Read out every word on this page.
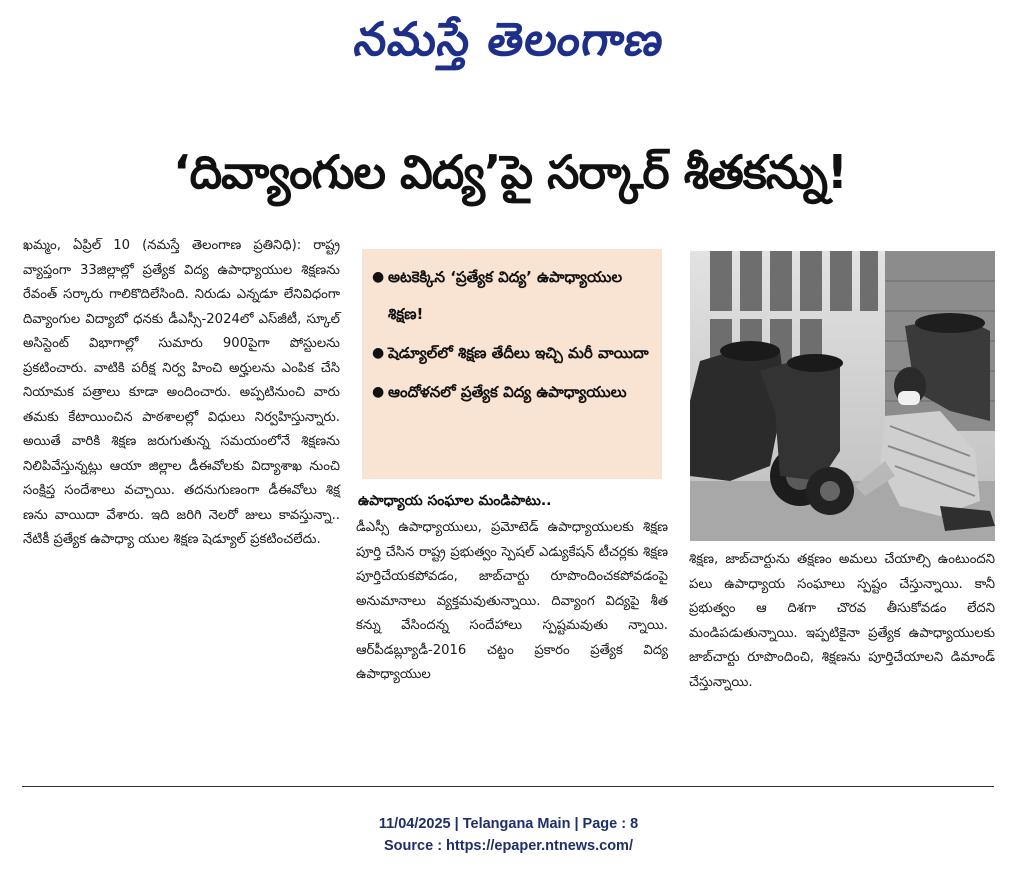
నమస్తే తెలంగాణ
‘దివ్యాంగుల విద్య’పై సర్కార్ శీతకన్ను!

ఖమ్మం, ఏప్రిల్ 10 (నమస్తే తెలంగాణ ప్రతినిధి): రాష్ట్ర వ్యాప్తంగా 33జిల్లాల్లో ప్రత్యేక విద్య ఉపాధ్యాయుల శిక్షణను రేవంత్ సర్కారు గాలికొదిలేసింది. నిరుడు ఎన్నడూ లేనివిధంగా దివ్యాంగుల విద్యాబో ధనకు డీఎస్సీ-2024లో ఎస్‌జీటీ, స్కూల్ అసిస్టెంట్ విభాగాల్లో సుమారు 900పైగా పోస్టులను ప్రకటించారు. వాటికి పరీక్ష నిర్వ హించి అర్హులను ఎంపిక చేసి నియామక పత్రాలు కూడా అందించారు. అప్పటినుంచి వారు తమకు కేటాయించిన పాఠశాలల్లో విధులు నిర్వహిస్తున్నారు. అయితే వారికి శిక్షణ జరుగుతున్న సమయంలోనే శిక్షణను నిలిపివేస్తున్నట్లు ఆయా జిల్లాల డీఈవోలకు విద్యాశాఖ నుంచి సంక్షిప్త సందేశాలు వచ్చాయి. తదనుగుణంగా డీఈవోలు శిక్ష ణను వాయిదా వేశారు. ఇది జరిగి నెలరో జులు కావస్తున్నా.. నేటికీ ప్రత్యేక ఉపాధ్యా యుల శిక్షణ షెడ్యూల్ ప్రకటించలేదు.

● అటకెక్కిన ‘ప్రత్యేక విద్య’ ఉపాధ్యాయుల శిక్షణ!
● షెడ్యూల్‌లో శిక్షణ తేదీలు ఇచ్చి మరీ వాయిదా
● ఆందోళనలో ప్రత్యేక విద్య ఉపాధ్యాయులు
ఉపాధ్యాయ సంఘాల మండిపాటు..

డీఎస్సీ ఉపాధ్యాయులు, ప్రమోటెడ్ ఉపాధ్యాయులకు శిక్షణ పూర్తి చేసిన రాష్ట్ర ప్రభుత్వం స్పెషల్ ఎడ్యుకేషన్ టీచర్లకు శిక్షణ పూర్తిచేయకపోవడం, జాబ్‌చార్టు రూపొందించకపోవడంపై అనుమానాలు వ్యక్తమవుతున్నాయి. దివ్యాంగ విద్యపై శీత కన్ను వేసిందన్న సందేహాలు స్పష్టమవుతు న్నాయి. ఆర్‌పీడబ్ల్యూడీ-2016 చట్టం ప్రకారం ప్రత్యేక విద్య ఉపాధ్యాయుల

శిక్షణ, జాబ్‌చార్టును తక్షణం అమలు చేయాల్సి ఉంటుందని పలు ఉపాధ్యాయ సంఘాలు స్పష్టం చేస్తున్నాయి. కానీ ప్రభుత్వం ఆ దిశగా చొరవ తీసుకోవడం లేదని మండిపడుతున్నాయి. ఇప్పటికైనా ప్రత్యేక ఉపాధ్యాయులకు జాబ్‌చార్టు రూపొందించి, శిక్షణను పూర్తిచేయాలని డిమాండ్ చేస్తున్నాయి.

11/04/2025 | Telangana Main | Page : 8
Source : https://epaper.ntnews.com/
